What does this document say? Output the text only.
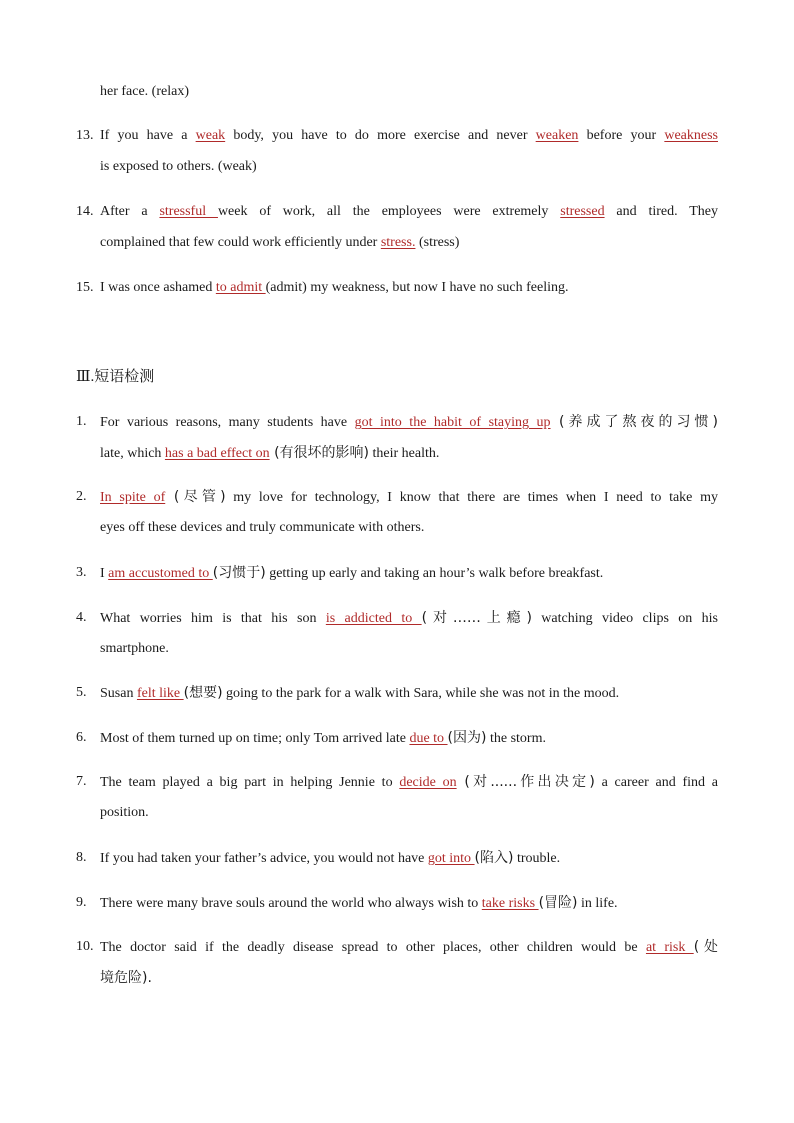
her face. (relax)
13. If you have a weak body, you have to do more exercise and never weaken before your weakness
is exposed to others. (weak)
14. After a stressful week of work, all the employees were extremely stressed and tired. They
complained that few could work efficiently under stress. (stress)
15. I was once ashamed to admit (admit) my weakness, but now I have no such feeling.
Ⅲ.短语检测
1. For various reasons, many students have got into the habit of staying up (养成了熬夜的习惯)
late, which has a bad effect on (有很坏的影响) their health.
2. In spite of (尽管) my love for technology, I know that there are times when I need to take my
eyes off these devices and truly communicate with others.
3. I am accustomed to (习惯于) getting up early and taking an hour’s walk before breakfast.
4. What worries him is that his son is addicted to (对……上瘾) watching video clips on his
smartphone.
5. Susan felt like (想要) going to the park for a walk with Sara, while she was not in the mood.
6. Most of them turned up on time; only Tom arrived late due to (因为) the storm.
7. The team played a big part in helping Jennie to decide on (对......作出决定) a career and find a
position.
8. If you had taken your father’s advice, you would not have got into (陷入) trouble.
9. There were many brave souls around the world who always wish to take risks (冒险) in life.
10. The doctor said if the deadly disease spread to other places, other children would be at risk (处
境危险).
